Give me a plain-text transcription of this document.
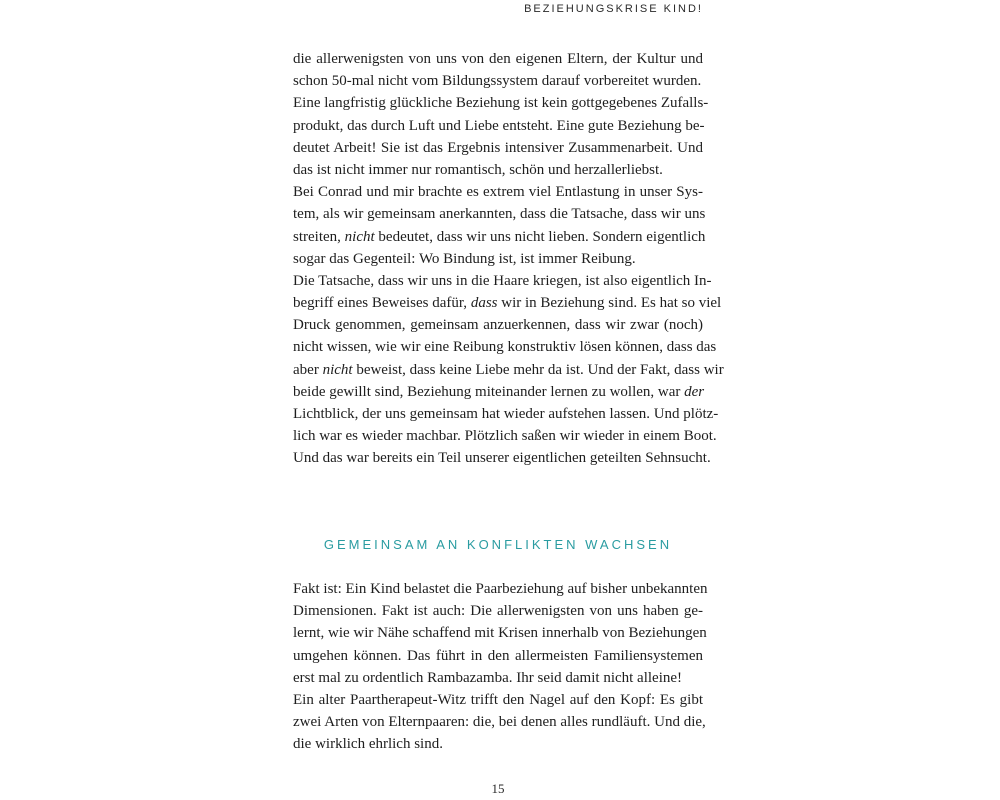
BEZIEHUNGSKRISE KIND!
die allerwenigsten von uns von den eigenen Eltern, der Kultur und
schon 50-mal nicht vom Bildungssystem darauf vorbereitet wurden.
Eine langfristig glückliche Beziehung ist kein gottgegebenes Zufalls-
produkt, das durch Luft und Liebe entsteht. Eine gute Beziehung be-
deutet Arbeit! Sie ist das Ergebnis intensiver Zusammenarbeit. Und
das ist nicht immer nur romantisch, schön und herzallerliebst.
Bei Conrad und mir brachte es extrem viel Entlastung in unser Sys-
tem, als wir gemeinsam anerkannten, dass die Tatsache, dass wir uns
streiten, nicht bedeutet, dass wir uns nicht lieben. Sondern eigentlich
sogar das Gegenteil: Wo Bindung ist, ist immer Reibung.
Die Tatsache, dass wir uns in die Haare kriegen, ist also eigentlich In-
begriff eines Beweises dafür, dass wir in Beziehung sind. Es hat so viel
Druck genommen, gemeinsam anzuerkennen, dass wir zwar (noch)
nicht wissen, wie wir eine Reibung konstruktiv lösen können, dass das
aber nicht beweist, dass keine Liebe mehr da ist. Und der Fakt, dass wir
beide gewillt sind, Beziehung miteinander lernen zu wollen, war der
Lichtblick, der uns gemeinsam hat wieder aufstehen lassen. Und plötz-
lich war es wieder machbar. Plötzlich saßen wir wieder in einem Boot.
Und das war bereits ein Teil unserer eigentlichen geteilten Sehnsucht.
GEMEINSAM AN KONFLIKTEN WACHSEN
Fakt ist: Ein Kind belastet die Paarbeziehung auf bisher unbekannten
Dimensionen. Fakt ist auch: Die allerwenigsten von uns haben ge-
lernt, wie wir Nähe schaffend mit Krisen innerhalb von Beziehungen
umgehen können. Das führt in den allermeisten Familiensystemen
erst mal zu ordentlich Rambazamba. Ihr seid damit nicht alleine!
Ein alter Paartherapeut-Witz trifft den Nagel auf den Kopf: Es gibt
zwei Arten von Elternpaaren: die, bei denen alles rundläuft. Und die,
die wirklich ehrlich sind.
15
